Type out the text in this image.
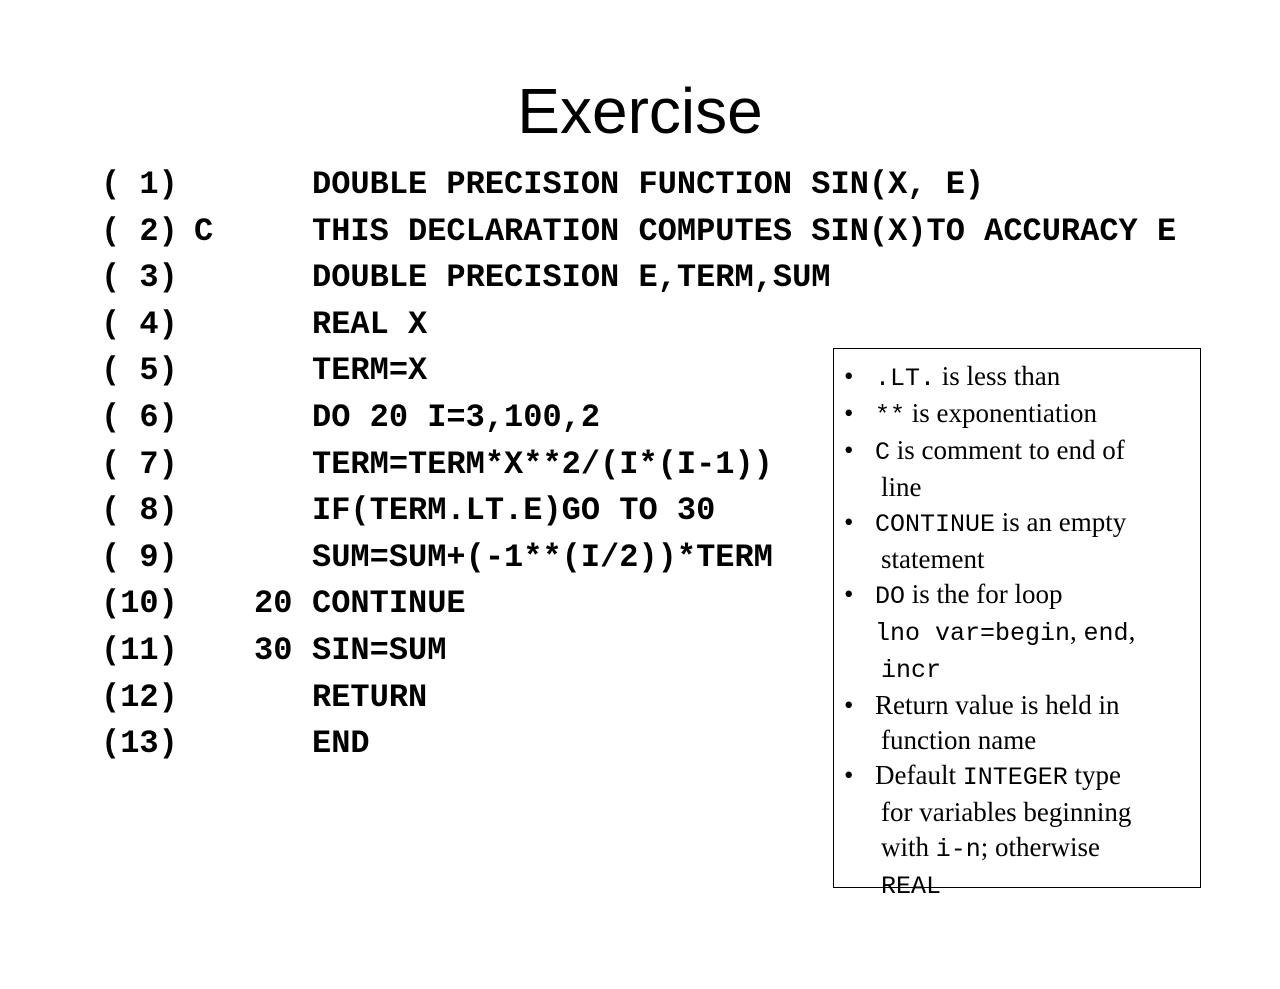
Exercise
( 1)	DOUBLE PRECISION FUNCTION SIN(X, E)
( 2) C	THIS DECLARATION COMPUTES SIN(X)TO ACCURACY E
( 3)	DOUBLE PRECISION E,TERM,SUM
( 4)	REAL X
( 5)	TERM=X
( 6)	DO 20 I=3,100,2
( 7)	TERM=TERM*X**2/(I*(I-1))
( 8)	IF(TERM.LT.E)GO TO 30
( 9)	SUM=SUM+(-1**(I/2))*TERM
(10) 20 CONTINUE
(11) 30 SIN=SUM
(12)	RETURN
(13)	END
• .LT. is less than
• ** is exponentiation
• C is comment to end of
line
• CONTINUE is an empty
statement
• DO is the for loop
lno var=begin, end,
incr
• Return value is held in
function name
• Default INTEGER type
for variables beginning
with i-n; otherwise
REAL
